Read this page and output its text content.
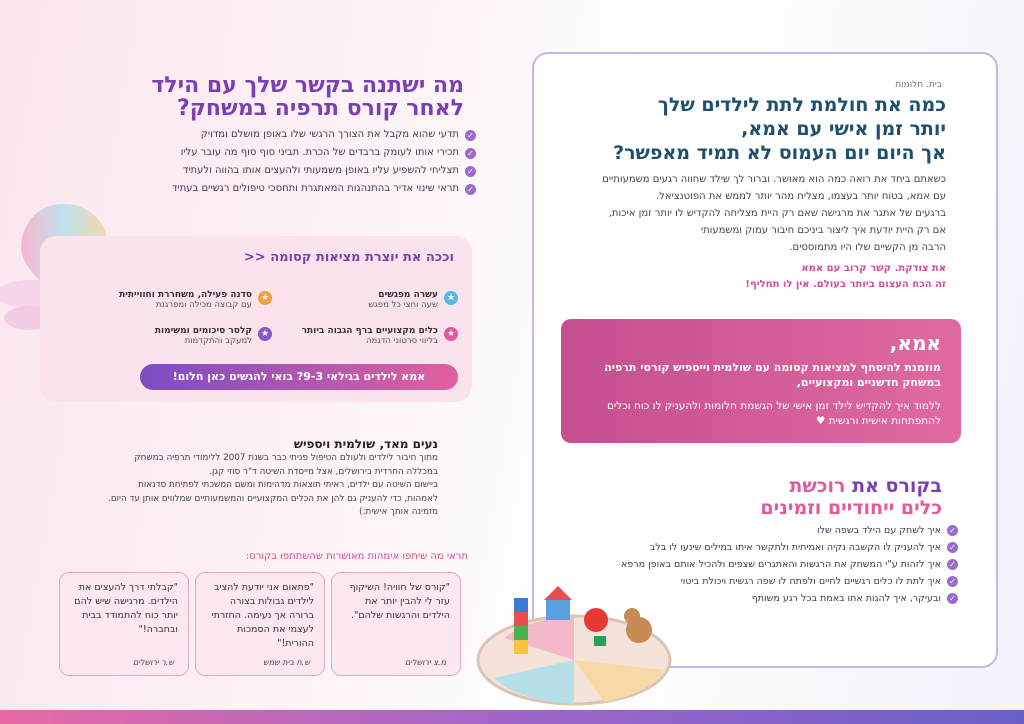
בית. חלומות
כמה את חולמת לתת לילדים שלך
יותר זמן אישי עם אמא,
אך היום יום העמוס לא תמיד מאפשר?
כשאתם ביחד את רואה כמה הוא מאושר. וברור לך שילד שחווה רגעים משמעותיים
עם אמא, בטוח יותר בעצמו, מצליח מהר יותר לממש את הפוטנציאל.
ברגעים של אתגר את מרגישה שאם רק היית מצליחה להקדיש לו יותר זמן איכות,
אם רק היית יודעת איך ליצור ביניכם חיבור עמוק ומשמעותי
הרבה מן הקשיים שלו היו מתמוססים.
את צודקת. קשר קרוב עם אמא
זה הכח העצום ביותר בעולם. אין לו תחליף!
אמא,
מוזמנת להיסחף למציאות קסומה עם שולמית וייספיש קורסי תרפיה במשחק חדשניים ומקצועיים,
ללמוד איך להקדיש לילד זמן אישי של הגשמת חלומות ולהעניק לו כוח וכלים להתפתחות אישית ורגשית ♥
בקורס את רוכשת
כלים ייחודיים וזמינים
✓
איך לשחק עם הילד בשפה שלו
✓
איך להעניק לו הקשבה נקיה ואמיתית ולתקשר איתו במילים שינעו לו בלב
✓
איך לזהות ע"י המשחק את הרגשות והאתגרים שצפים ולהכיל אותם באופן מרפא
✓
איך לתת לו כלים רגשיים לחיים ולפתח לו שפה רגשית ויכולת ביטוי
✓
ובעיקר, איך להגות אתו באמת בכל רגע משותף
מה ישתנה בקשר שלך עם הילד
לאחר קורס תרפיה במשחק?
✓
תדעי שהוא מקבל את הצורך הרגשי שלו באופן מושלם ומדויק
✓
תכירי אותו לעומק ברבדים של הכרת. תביני סוף סוף מה עובר עליו
✓
תצליחי להשפיע עליו באופן משמעותי ולהעצים אותו בהווה ולעתיד
✓
תראי שינוי אדיר בהתנהגות המאתגרת ותחסכי טיפולים רגשיים בעתיד
וככה את יוצרת מציאות קסומה <<
★
עשרה מפגשים
שעה וחצי כל מפגש
★
סדנה פעילה, משחררת וחווייתית
עם קבוצה מכילה ומפרגנת
★
כלים מקצועיים ברף הגבוה ביותר
בליווי סרטוני הדגמה
★
קלסר סיכומים ומשימות
למעקב והתקדמות
אמא לילדים בגילאי 9-3? בואי להגשים כאן חלום!
נעים מאד, שולמית ויספיש
מתוך חיבור לילדים ולעולם הטיפול פניתי כבר בשנת 2007 ללימודי תרפיה במשחק
במכללה החרדית בירושלים, אצל מייסדת השיטה ד"ר סוזי קגן.
ביישום השיטה עם ילדים, ראיתי תוצאות מדהימות ומשם המשכתי לפתיחת סדנאות
לאמהות, כדי להעניק גם להן את הכלים המקצועיים והמשמעותיים שמלווים אותן עד היום.
מזמינה אותך אישית:)
תראי מה שיתפו אימהות מאושרות שהשתתפו בקורס:
"קורס של חוויה! השיקוף עזר לי להבין יותר את הילדים והרגשות שלהם".
מ.צ ירושלים
"פתאום אני יודעת להציב לילדים גבולות בצורה ברורה אך נעימה. החזרתי לעצמי את הסמכות ההורית!"
ש.ח בית שמש
"קבלתי דרך להעצים את הילדים. מרגישה שיש להם יותר כוח להתמודד בבית ובחברה!"
ש.ר ירושלים
